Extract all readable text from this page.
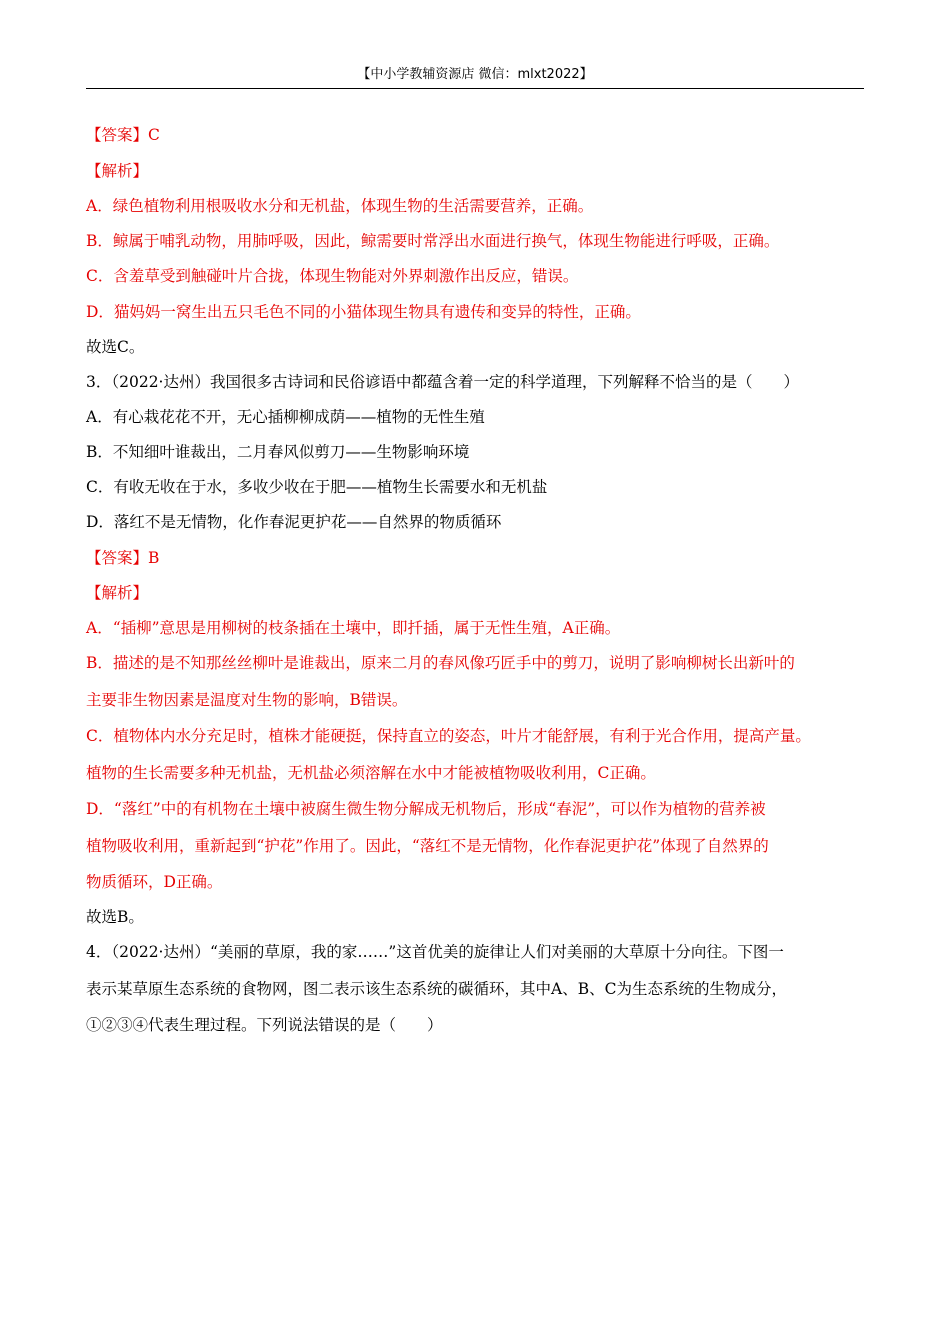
【中小学教辅资源店 微信：mlxt2022】
【答案】C
【解析】
A．绿色植物利用根吸收水分和无机盐，体现生物的生活需要营养，正确。
B．鲸属于哺乳动物，用肺呼吸，因此，鲸需要时常浮出水面进行换气，体现生物能进行呼吸，正确。
C．含羞草受到触碰叶片合拢，体现生物能对外界刺激作出反应，错误。
D．猫妈妈一窝生出五只毛色不同的小猫体现生物具有遗传和变异的特性，正确。
故选C。
3．（2022·达州）我国很多古诗词和民俗谚语中都蕴含着一定的科学道理，下列解释不恰当的是（　　）
A．有心栽花花不开，无心插柳柳成荫——植物的无性生殖
B．不知细叶谁裁出，二月春风似剪刀——生物影响环境
C．有收无收在于水，多收少收在于肥——植物生长需要水和无机盐
D．落红不是无情物，化作春泥更护花——自然界的物质循环
【答案】B
【解析】
A．“插柳”意思是用柳树的枝条插在土壤中，即扦插，属于无性生殖，A正确。
B．描述的是不知那丝丝柳叶是谁裁出，原来二月的春风像巧匠手中的剪刀，说明了影响柳树长出新叶的
主要非生物因素是温度对生物的影响，B错误。
C．植物体内水分充足时，植株才能硬挺，保持直立的姿态，叶片才能舒展，有利于光合作用，提高产量。
植物的生长需要多种无机盐，无机盐必须溶解在水中才能被植物吸收利用，C正确。
D．“落红”中的有机物在土壤中被腐生微生物分解成无机物后，形成“春泥”，可以作为植物的营养被
植物吸收利用，重新起到“护花”作用了。因此，“落红不是无情物，化作春泥更护花”体现了自然界的
物质循环，D正确。
故选B。
4．（2022·达州）“美丽的草原，我的家……”这首优美的旋律让人们对美丽的大草原十分向往。下图一
表示某草原生态系统的食物网，图二表示该生态系统的碳循环，其中A、B、C为生态系统的生物成分，
①②③④代表生理过程。下列说法错误的是（　　）
